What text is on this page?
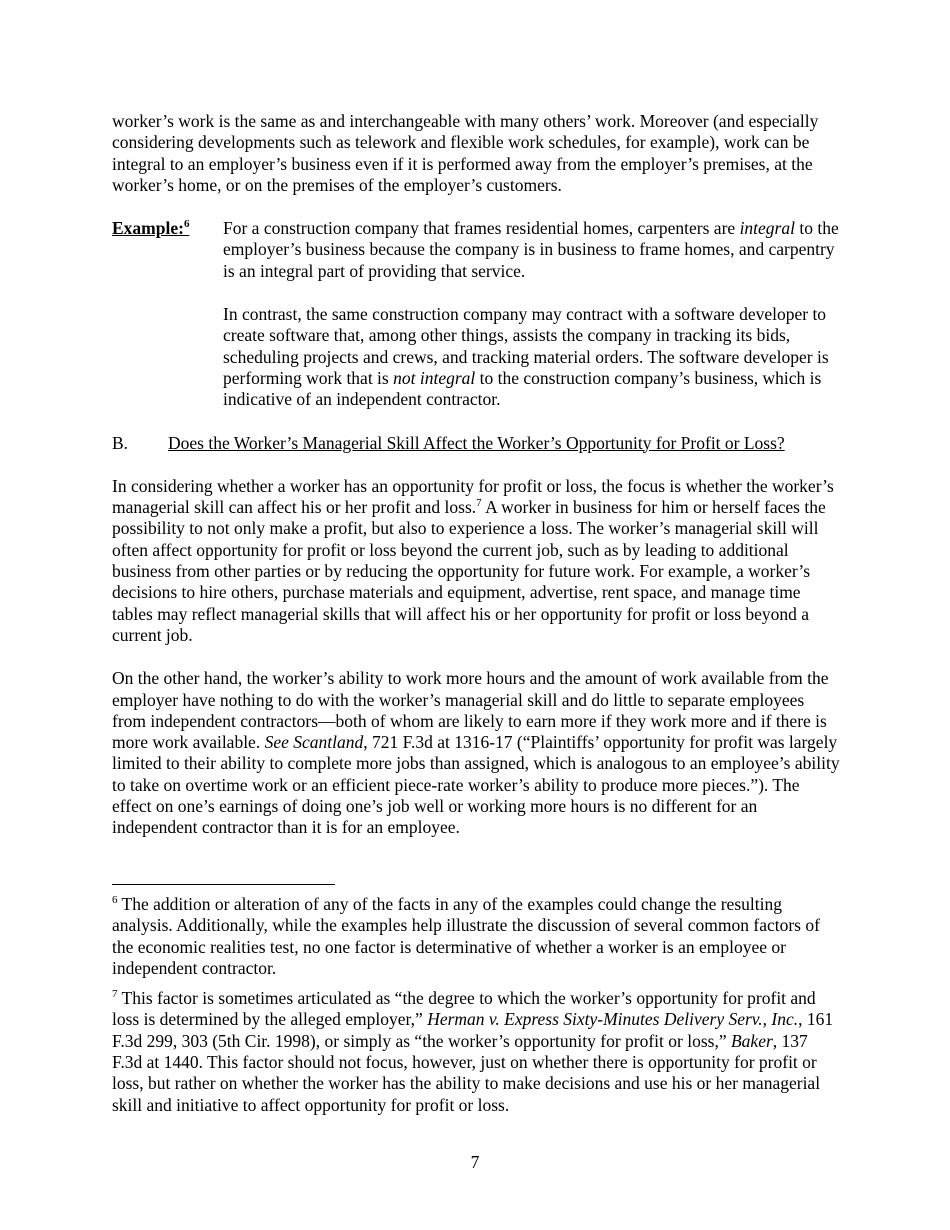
worker’s work is the same as and interchangeable with many others’ work. Moreover (and especially considering developments such as telework and flexible work schedules, for example), work can be integral to an employer’s business even if it is performed away from the employer’s premises, at the worker’s home, or on the premises of the employer’s customers.

Example:$^6$	For a construction company that frames residential homes, carpenters are integral to the employer’s business because the company is in business to frame homes, and carpentry is an integral part of providing that service.

In contrast, the same construction company may contract with a software developer to create software that, among other things, assists the company in tracking its bids, scheduling projects and crews, and tracking material orders. The software developer is performing work that is not integral to the construction company’s business, which is indicative of an independent contractor.

B.	Does the Worker’s Managerial Skill Affect the Worker’s Opportunity for Profit or Loss?

In considering whether a worker has an opportunity for profit or loss, the focus is whether the worker’s managerial skill can affect his or her profit and loss.$^7$ A worker in business for him or herself faces the possibility to not only make a profit, but also to experience a loss. The worker’s managerial skill will often affect opportunity for profit or loss beyond the current job, such as by leading to additional business from other parties or by reducing the opportunity for future work. For example, a worker’s decisions to hire others, purchase materials and equipment, advertise, rent space, and manage time tables may reflect managerial skills that will affect his or her opportunity for profit or loss beyond a current job.

On the other hand, the worker’s ability to work more hours and the amount of work available from the employer have nothing to do with the worker’s managerial skill and do little to separate employees from independent contractors—both of whom are likely to earn more if they work more and if there is more work available. See Scantland, 721 F.3d at 1316-17 (“Plaintiffs’ opportunity for profit was largely limited to their ability to complete more jobs than assigned, which is analogous to an employee’s ability to take on overtime work or an efficient piece-rate worker’s ability to produce more pieces.”). The effect on one’s earnings of doing one’s job well or working more hours is no different for an independent contractor than it is for an employee.

$^6$ The addition or alteration of any of the facts in any of the examples could change the resulting analysis. Additionally, while the examples help illustrate the discussion of several common factors of the economic realities test, no one factor is determinative of whether a worker is an employee or independent contractor.

$^7$ This factor is sometimes articulated as “the degree to which the worker’s opportunity for profit and loss is determined by the alleged employer,” Herman v. Express Sixty-Minutes Delivery Serv., Inc., 161 F.3d 299, 303 (5th Cir. 1998), or simply as “the worker’s opportunity for profit or loss,” Baker, 137 F.3d at 1440. This factor should not focus, however, just on whether there is opportunity for profit or loss, but rather on whether the worker has the ability to make decisions and use his or her managerial skill and initiative to affect opportunity for profit or loss.

7
